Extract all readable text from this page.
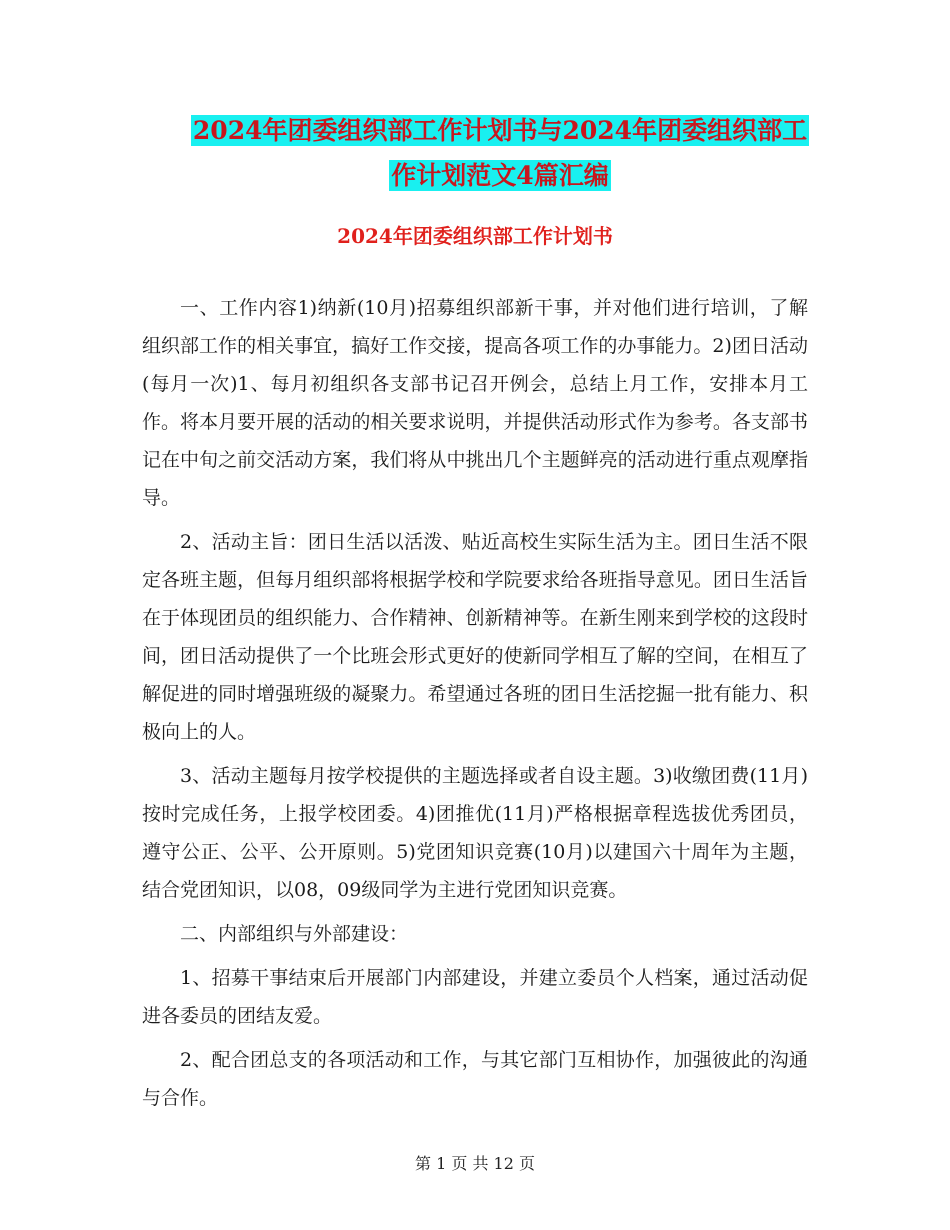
2024年团委组织部工作计划书与2024年团委组织部工
作计划范文4篇汇编
2024年团委组织部工作计划书

一、工作内容1)纳新(10月)招募组织部新干事，并对他们进行培训，了解组织部工作的相关事宜，搞好工作交接，提高各项工作的办事能力。2)团日活动(每月一次)1、每月初组织各支部书记召开例会，总结上月工作，安排本月工作。将本月要开展的活动的相关要求说明，并提供活动形式作为参考。各支部书记在中旬之前交活动方案，我们将从中挑出几个主题鲜亮的活动进行重点观摩指导。

2、活动主旨：团日生活以活泼、贴近高校生实际生活为主。团日生活不限定各班主题，但每月组织部将根据学校和学院要求给各班指导意见。团日生活旨在于体现团员的组织能力、合作精神、创新精神等。在新生刚来到学校的这段时间，团日活动提供了一个比班会形式更好的使新同学相互了解的空间，在相互了解促进的同时增强班级的凝聚力。希望通过各班的团日生活挖掘一批有能力、积极向上的人。

3、活动主题每月按学校提供的主题选择或者自设主题。3)收缴团费(11月)按时完成任务，上报学校团委。4)团推优(11月)严格根据章程选拔优秀团员，遵守公正、公平、公开原则。5)党团知识竞赛(10月)以建国六十周年为主题，结合党团知识，以08，09级同学为主进行党团知识竞赛。

二、内部组织与外部建设：

1、招募干事结束后开展部门内部建设，并建立委员个人档案，通过活动促进各委员的团结友爱。

2、配合团总支的各项活动和工作，与其它部门互相协作，加强彼此的沟通与合作。

第 1 页 共 12 页
